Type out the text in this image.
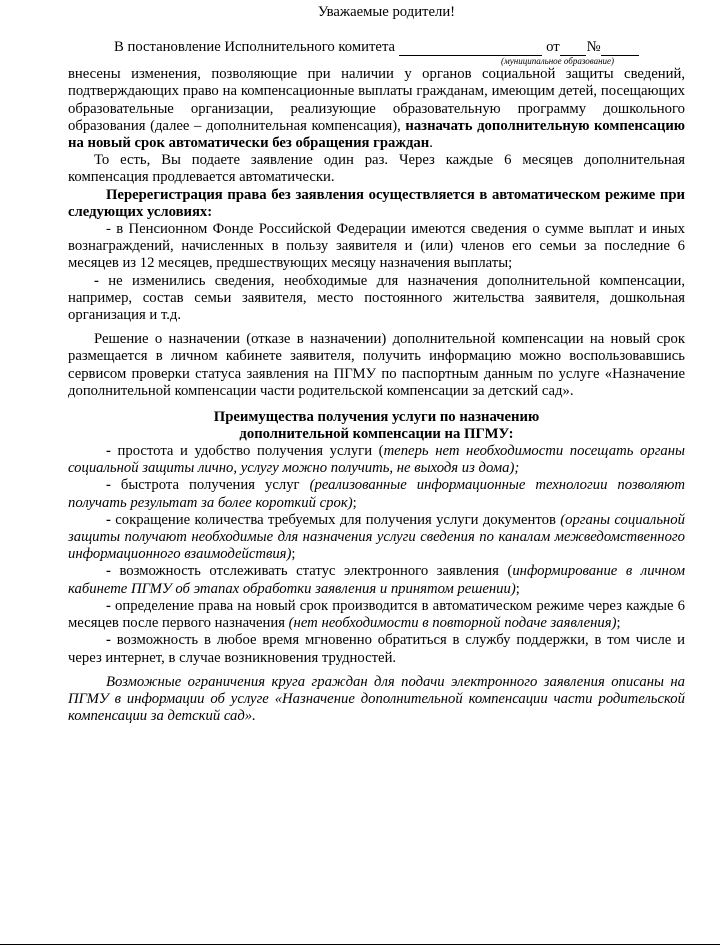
Уважаемые родители!
В постановление Исполнительного комитета	от №
(муниципальное образование)

внесены изменения, позволяющие при наличии у органов социальной защиты сведений, подтверждающих право на компенсационные выплаты гражданам, имеющим детей, посещающих образовательные организации, реализующие образовательную программу дошкольного образования (далее – дополнительная компенсация), назначать дополнительную компенсацию на новый срок автоматически без обращения граждан.

То есть, Вы подаете заявление один раз. Через каждые 6 месяцев дополнительная компенсация продлевается автоматически.

Перерегистрация права без заявления осуществляется в автоматическом режиме при следующих условиях:

- в Пенсионном Фонде Российской Федерации имеются сведения о сумме выплат и иных вознаграждений, начисленных в пользу заявителя и (или) членов его семьи за последние 6 месяцев из 12 месяцев, предшествующих месяцу назначения выплаты;

- не изменились сведения, необходимые для назначения дополнительной компенсации, например, состав семьи заявителя, место постоянного жительства заявителя, дошкольная организация и т.д.

Решение о назначении (отказе в назначении) дополнительной компенсации на новый срок размещается в личном кабинете заявителя, получить информацию можно воспользовавшись сервисом проверки статуса заявления на ПГМУ по паспортным данным по услуге «Назначение дополнительной компенсации части родительской компенсации за детский сад».

Преимущества получения услуги по назначению
дополнительной компенсации на ПГМУ:

- простота и удобство получения услуги (теперь нет необходимости посещать органы социальной защиты лично, услугу можно получить, не выходя из дома);

- быстрота получения услуг (реализованные информационные технологии позволяют получать результат за более короткий срок);

- сокращение количества требуемых для получения услуги документов (органы социальной защиты получают необходимые для назначения услуги сведения по каналам межведомственного информационного взаимодействия);

- возможность отслеживать статус электронного заявления (информирование в личном кабинете ПГМУ об этапах обработки заявления и принятом решении);

- определение права на новый срок производится в автоматическом режиме через каждые 6 месяцев после первого назначения (нет необходимости в повторной подаче заявления);

- возможность в любое время мгновенно обратиться в службу поддержки, в том числе и через интернет, в случае возникновения трудностей.

Возможные ограничения круга граждан для подачи электронного заявления описаны на ПГМУ в информации об услуге «Назначение дополнительной компенсации части родительской компенсации за детский сад».
